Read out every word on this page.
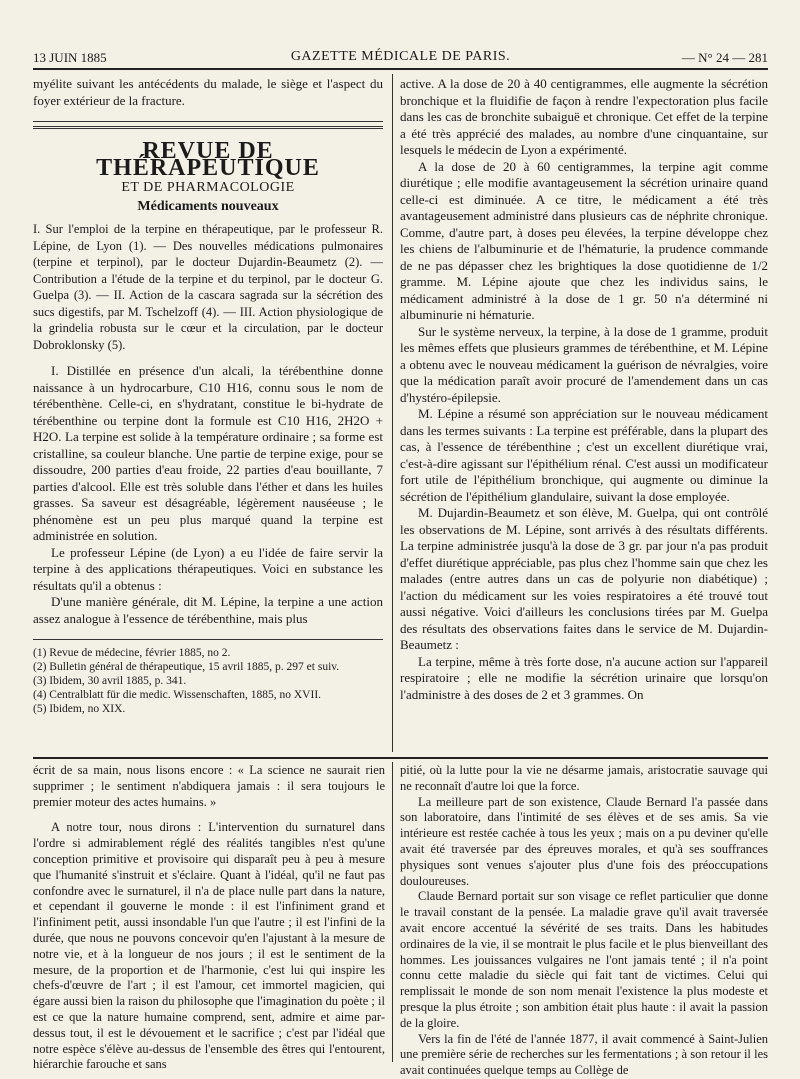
13 JUIN 1885	GAZETTE MÉDICALE DE PARIS.	— N° 24 — 281

myélite suivant les antécédents du malade, le siège et l'aspect du foyer extérieur de la fracture.

REVUE DE THÉRAPEUTIQUE
ET DE PHARMACOLOGIE
Médicaments nouveaux

I. Sur l'emploi de la terpine en thérapeutique, par le professeur R. Lépine, de Lyon (1). — Des nouvelles médications pulmonaires (terpine et terpinol), par le docteur Dujardin-Beaumetz (2). — Contribution a l'étude de la terpine et du terpinol, par le docteur G. Guelpa (3). — II. Action de la cascara sagrada sur la sécrétion des sucs digestifs, par M. Tschelzoff (4). — III. Action physiologique de la grindelia robusta sur le cœur et la circulation, par le docteur Dobroklonsky (5).

I. Distillée en présence d'un alcali, la térébenthine donne naissance à un hydrocarbure, C10 H16, connu sous le nom de térébenthène. Celle-ci, en s'hydratant, constitue le bi-hydrate de térébenthine ou terpine dont la formule est C10 H16, 2H2O + H2O. La terpine est solide à la température ordinaire ; sa forme est cristalline, sa couleur blanche. Une partie de terpine exige, pour se dissoudre, 200 parties d'eau froide, 22 parties d'eau bouillante, 7 parties d'alcool. Elle est très soluble dans l'éther et dans les huiles grasses. Sa saveur est désagréable, légèrement nauséeuse ; le phénomène est un peu plus marqué quand la terpine est administrée en solution.

Le professeur Lépine (de Lyon) a eu l'idée de faire servir la terpine à des applications thérapeutiques. Voici en substance les résultats qu'il a obtenus :

D'une manière générale, dit M. Lépine, la terpine a une action assez analogue à l'essence de térébenthine, mais plus

(1) Revue de médecine, février 1885, no 2.
(2) Bulletin général de thérapeutique, 15 avril 1885, p. 297 et suiv.
(3) Ibidem, 30 avril 1885, p. 341.
(4) Centralblatt für die medic. Wissenschaften, 1885, no XVII.
(5) Ibidem, no XIX.

active. A la dose de 20 à 40 centigrammes, elle augmente la sécrétion bronchique et la fluidifie de façon à rendre l'expectoration plus facile dans les cas de bronchite subaiguë et chronique. Cet effet de la terpine a été très apprécié des malades, au nombre d'une cinquantaine, sur lesquels le médecin de Lyon a expérimenté.

A la dose de 20 à 60 centigrammes, la terpine agit comme diurétique ; elle modifie avantageusement la sécrétion urinaire quand celle-ci est diminuée. A ce titre, le médicament a été très avantageusement administré dans plusieurs cas de néphrite chronique. Comme, d'autre part, à doses peu élevées, la terpine développe chez les chiens de l'albuminurie et de l'hématurie, la prudence commande de ne pas dépasser chez les brightiques la dose quotidienne de 1/2 gramme. M. Lépine ajoute que chez les individus sains, le médicament administré à la dose de 1 gr. 50 n'a déterminé ni albuminurie ni hématurie.

Sur le système nerveux, la terpine, à la dose de 1 gramme, produit les mêmes effets que plusieurs grammes de térébenthine, et M. Lépine a obtenu avec le nouveau médicament la guérison de névralgies, voire que la médication paraît avoir procuré de l'amendement dans un cas d'hystéro-épilepsie.

M. Lépine a résumé son appréciation sur le nouveau médicament dans les termes suivants : La terpine est préférable, dans la plupart des cas, à l'essence de térébenthine ; c'est un excellent diurétique vrai, c'est-à-dire agissant sur l'épithélium rénal. C'est aussi un modificateur fort utile de l'épithélium bronchique, qui augmente ou diminue la sécrétion de l'épithélium glandulaire, suivant la dose employée.

M. Dujardin-Beaumetz et son élève, M. Guelpa, qui ont contrôlé les observations de M. Lépine, sont arrivés à des résultats différents. La terpine administrée jusqu'à la dose de 3 gr. par jour n'a pas produit d'effet diurétique appréciable, pas plus chez l'homme sain que chez les malades (entre autres dans un cas de polyurie non diabétique) ; l'action du médicament sur les voies respiratoires a été trouvé tout aussi négative. Voici d'ailleurs les conclusions tirées par M. Guelpa des résultats des observations faites dans le service de M. Dujardin-Beaumetz :

La terpine, même à très forte dose, n'a aucune action sur l'appareil respiratoire ; elle ne modifie la sécrétion urinaire que lorsqu'on l'administre à des doses de 2 et 3 grammes. On

écrit de sa main, nous lisons encore : « La science ne saurait rien supprimer ; le sentiment n'abdiquera jamais : il sera toujours le premier moteur des actes humains. »

A notre tour, nous dirons : L'intervention du surnaturel dans l'ordre si admirablement réglé des réalités tangibles n'est qu'une conception primitive et provisoire qui disparaît peu à peu à mesure que l'humanité s'instruit et s'éclaire. Quant à l'idéal, qu'il ne faut pas confondre avec le surnaturel, il n'a de place nulle part dans la nature, et cependant il gouverne le monde : il est l'infiniment grand et l'infiniment petit, aussi insondable l'un que l'autre ; il est l'infini de la durée, que nous ne pouvons concevoir qu'en l'ajustant à la mesure de notre vie, et à la longueur de nos jours ; il est le sentiment de la mesure, de la proportion et de l'harmonie, c'est lui qui inspire les chefs-d'œuvre de l'art ; il est l'amour, cet immortel magicien, qui égare aussi bien la raison du philosophe que l'imagination du poète ; il est ce que la nature humaine comprend, sent, admire et aime par-dessus tout, il est le dévouement et le sacrifice ; c'est par l'idéal que notre espèce s'élève au-dessus de l'ensemble des êtres qui l'entourent, hiérarchie farouche et sans

pitié, où la lutte pour la vie ne désarme jamais, aristocratie sauvage qui ne reconnaît d'autre loi que la force.

La meilleure part de son existence, Claude Bernard l'a passée dans son laboratoire, dans l'intimité de ses élèves et de ses amis. Sa vie intérieure est restée cachée à tous les yeux ; mais on a pu deviner qu'elle avait été traversée par des épreuves morales, et qu'à ses souffrances physiques sont venues s'ajouter plus d'une fois des préoccupations douloureuses.

Claude Bernard portait sur son visage ce reflet particulier que donne le travail constant de la pensée. La maladie grave qu'il avait traversée avait encore accentué la sévérité de ses traits. Dans les habitudes ordinaires de la vie, il se montrait le plus facile et le plus bienveillant des hommes. Les jouissances vulgaires ne l'ont jamais tenté ; il n'a point connu cette maladie du siècle qui fait tant de victimes. Celui qui remplissait le monde de son nom menait l'existence la plus modeste et presque la plus étroite ; son ambition était plus haute : il avait la passion de la gloire.

Vers la fin de l'été de l'année 1877, il avait commencé à Saint-Julien une première série de recherches sur les fermentations ; à son retour il les avait continuées quelque temps au Collège de
